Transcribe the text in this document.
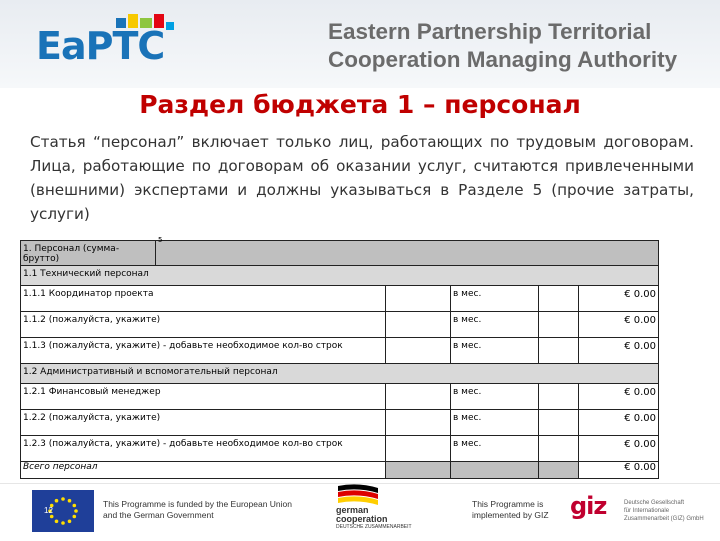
EaPTC	Eastern Partnership Territorial
Cooperation Managing Authority
Раздел бюджета 1 – персонал
Статья “персонал” включает только лиц, работающих по трудовым договорам. Лица, работающие по договорам об оказании услуг, считаются привлеченными (внешними) экспертами и должны указываться в Разделе 5 (прочие затраты, услуги)
1. Персонал (сумма-брутто)	$^5$
1.1 Технический персонал					
1.1.1 Координатор проекта			в мес.		€ 0.00
1.1.2 (пожалуйста, укажите)			в мес.		€ 0.00
1.1.3 (пожалуйста, укажите) - добавьте необходимое кол-во строк			в мес.		€ 0.00
1.2 Административный и вспомогательный персонал					
1.2.1 Финансовый менеджер			в мес.		€ 0.00
1.2.2 (пожалуйста, укажите)			в мес.		€ 0.00
1.2.3 (пожалуйста, укажите) - добавьте необходимое кол-во строк			в мес.		€ 0.00
Всего персонал					€ 0.00
12
This Programme is funded by the European Union
and the German Government	german
cooperation
DEUTSCHE ZUSAMMENARBEIT
This Programme is
implemented by GIZ giz	Deutsche Gesellschaft
für Internationale
Zusammenarbeit (GIZ) GmbH
